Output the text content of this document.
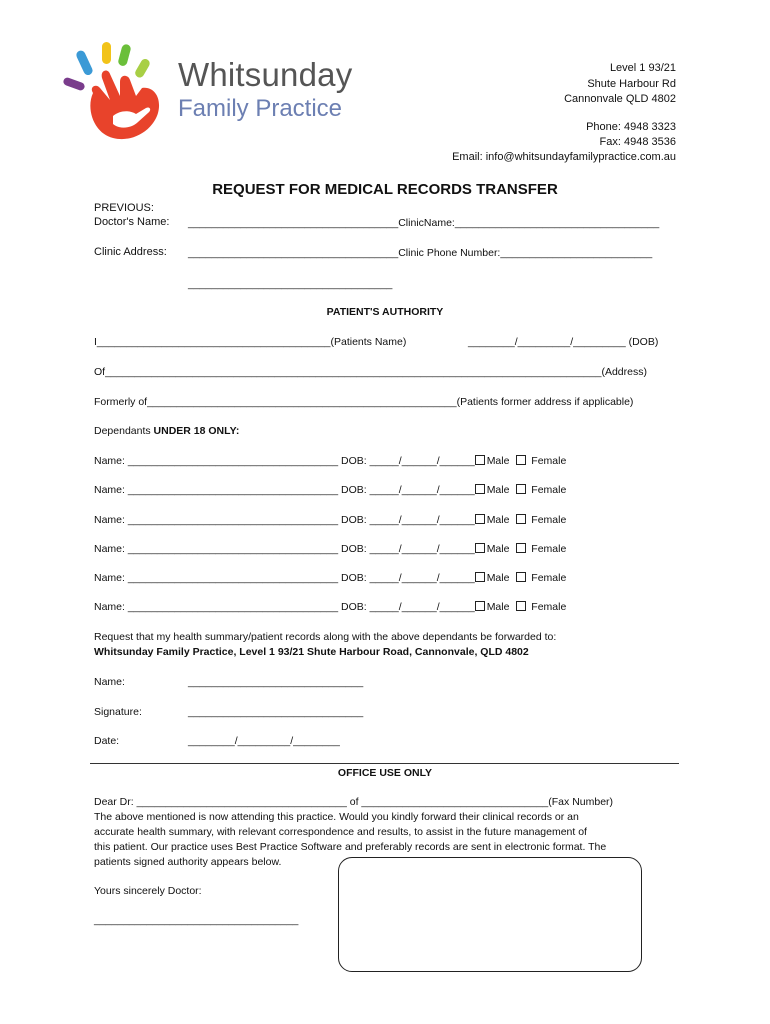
Whitsunday
Family Practice
Level 1 93/21
Shute Harbour Rd
Cannonvale QLD 4802
Phone: 4948 3323
Fax: 4948 3536
Email: info@whitsundayfamilypractice.com.au
REQUEST FOR MEDICAL RECORDS TRANSFER
PREVIOUS:
Doctor's Name: ____________________________________ClinicName:___________________________________
Clinic Address: ____________________________________Clinic Phone Number:__________________________
___________________________________
PATIENT'S AUTHORITY
I________________________________________(Patients Name)	________/_________/_________ (DOB)
Of_____________________________________________________________________________________(Address)
Formerly of_____________________________________________________(Patients former address if applicable)
Dependants UNDER 18 ONLY:
Name: ____________________________________ DOB: _____/______/______ Male Female
Name: ____________________________________ DOB: _____/______/______ Male Female
Name: ____________________________________ DOB: _____/______/______ Male Female
Name: ____________________________________ DOB: _____/______/______ Male Female
Name: ____________________________________ DOB: _____/______/______ Male Female
Name: ____________________________________ DOB: _____/______/______ Male Female
Request that my health summary/patient records along with the above dependants be forwarded to:
Whitsunday Family Practice, Level 1 93/21 Shute Harbour Road, Cannonvale, QLD 4802
Name:	______________________________
Signature:	______________________________
Date:	________/_________/________
OFFICE USE ONLY
Dear Dr: ____________________________________ of ________________________________(Fax Number)
The above mentioned is now attending this practice. Would you kindly forward their clinical records or an
accurate health summary, with relevant correspondence and results, to assist in the future management of
this patient. Our practice uses Best Practice Software and preferably records are sent in electronic format. The
patients signed authority appears below.
Yours sincerely Doctor:
___________________________________
